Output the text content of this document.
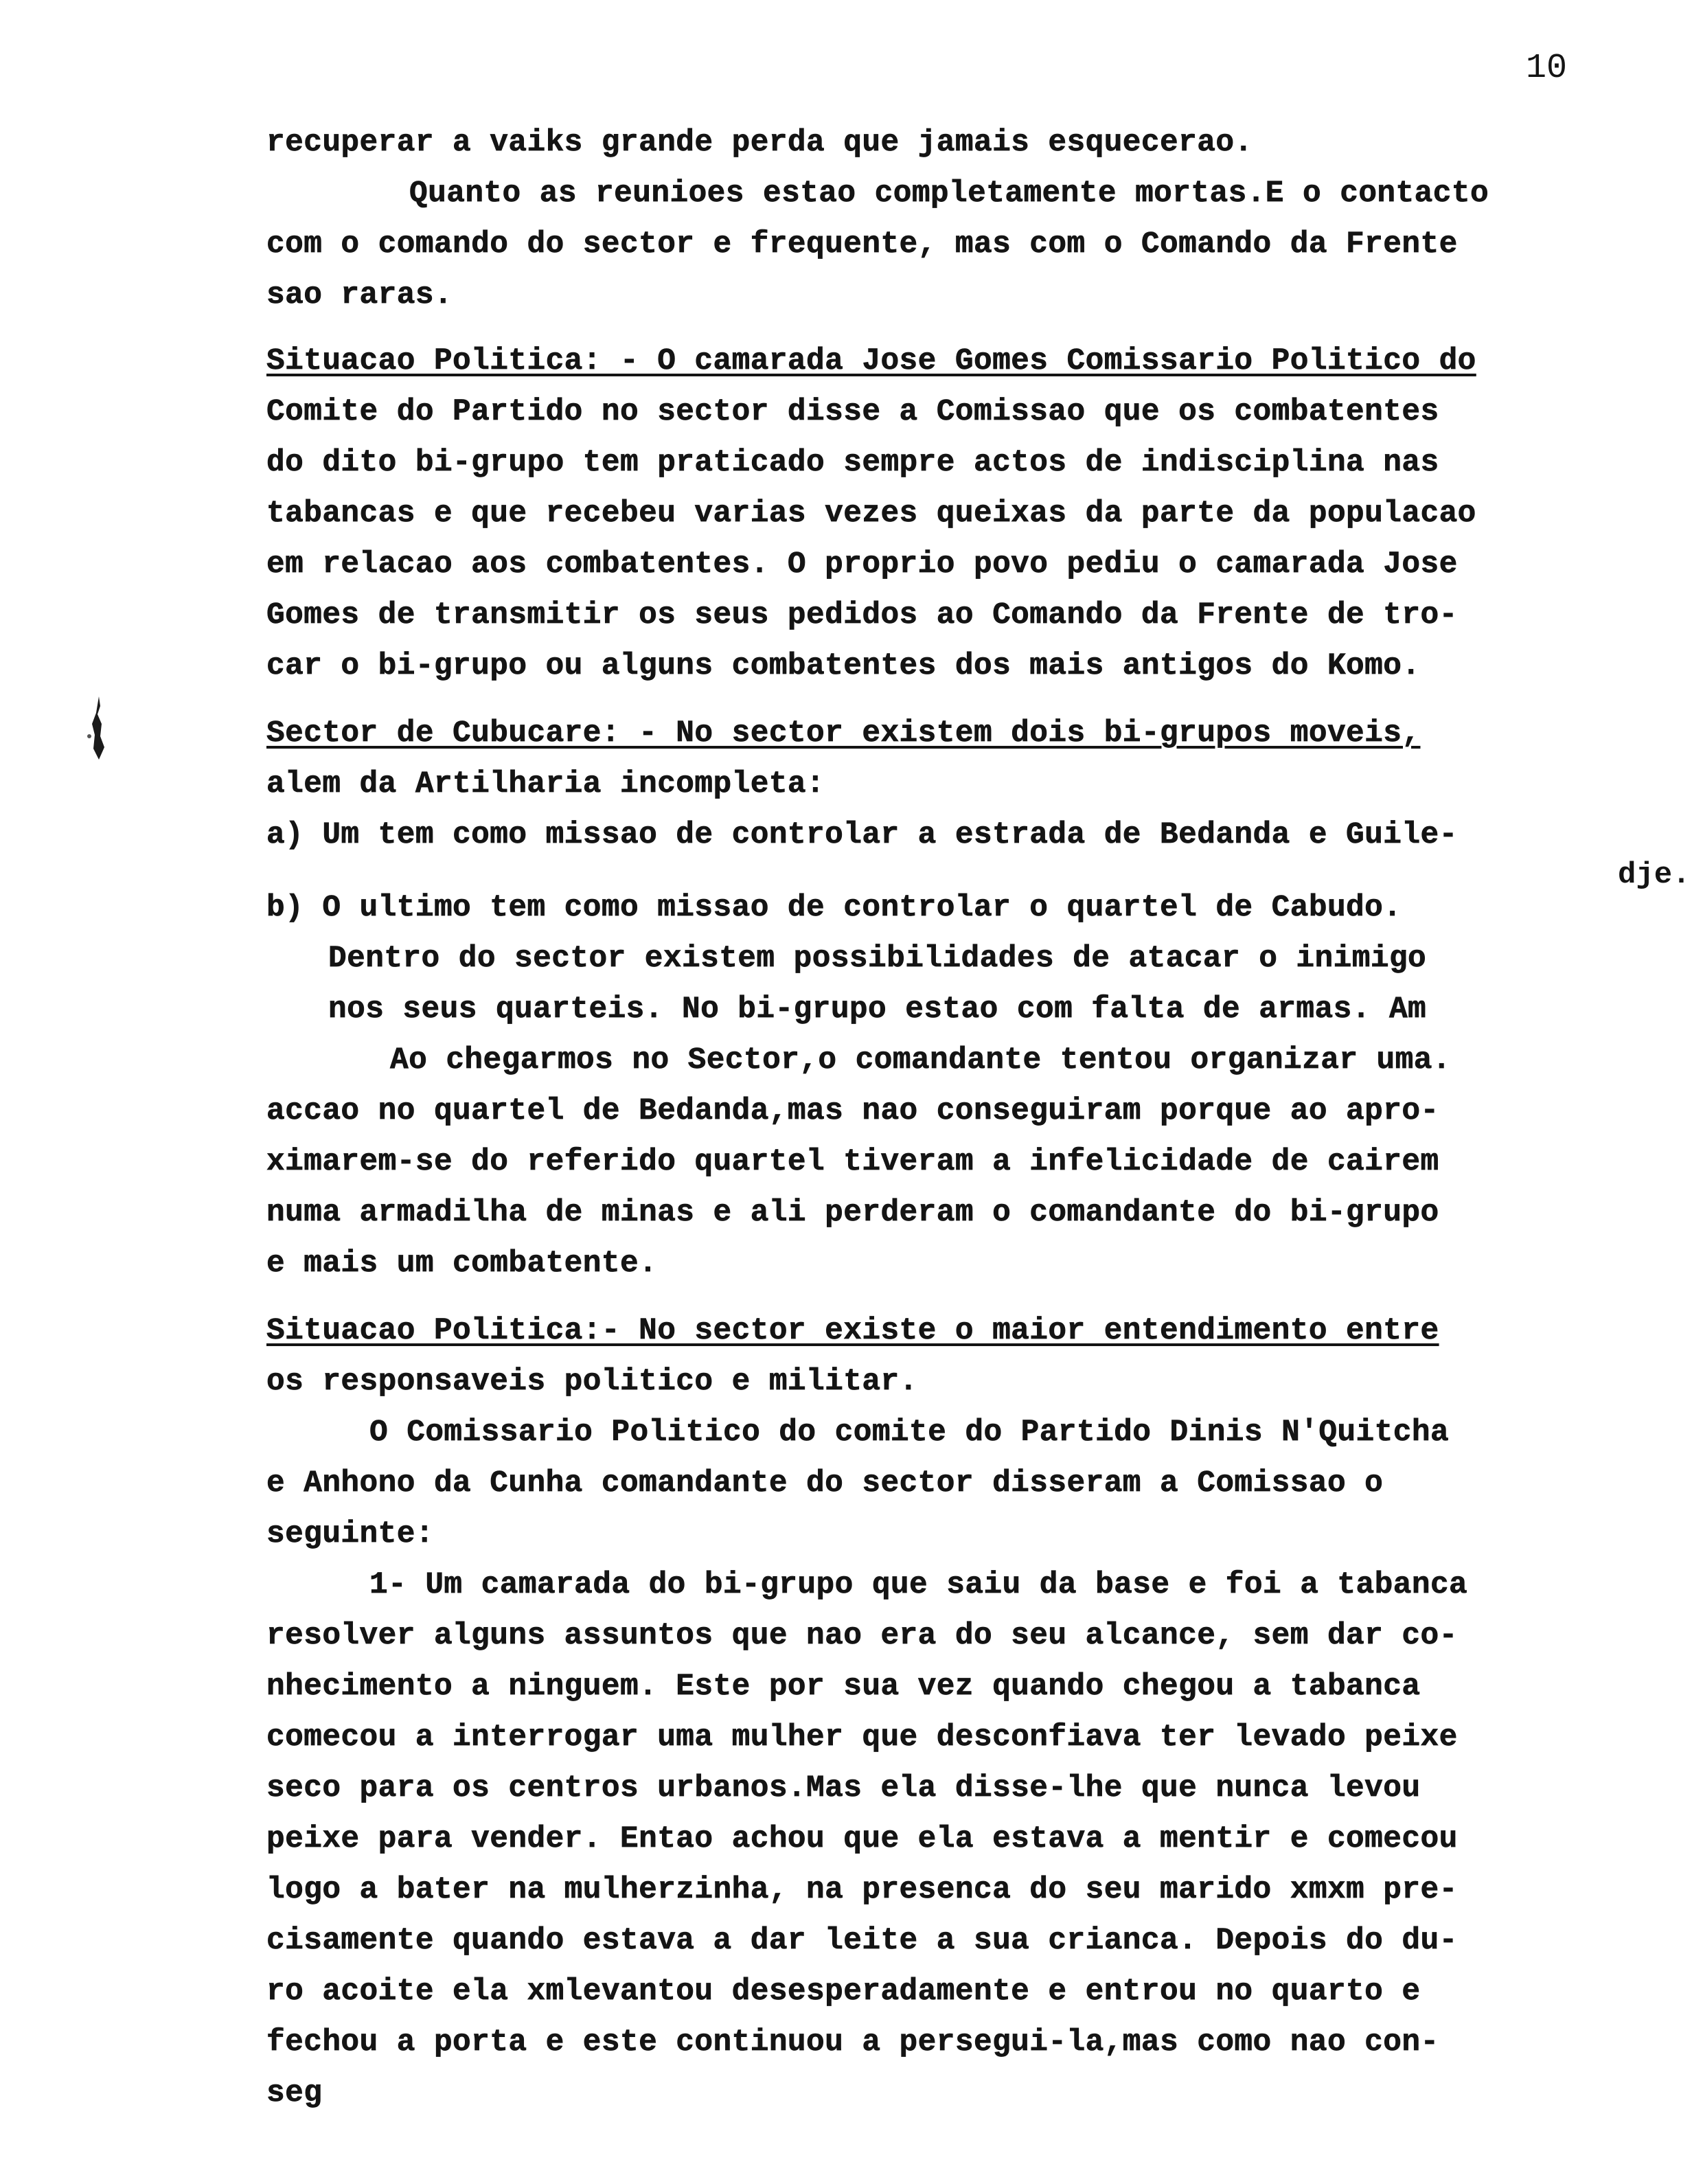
10

recuperar a vaiks grande perda que jamais esquecerao.

Quanto as reunioes estao completamente mortas.E o contacto

com o comando do sector e frequente, mas com o Comando da Frente

sao raras.

Situacao Politica: - O camarada Jose Gomes Comissario Politico do

Comite do Partido no sector disse a Comissao que os combatentes

do dito bi-grupo tem praticado sempre actos de indisciplina nas

tabancas e que recebeu varias vezes queixas da parte da populacao

em relacao aos combatentes. O proprio povo pediu o camarada Jose

Gomes de transmitir os seus pedidos ao Comando da Frente de tro-

car o bi-grupo ou alguns combatentes dos mais antigos do Komo.

Sector de Cubucare: - No sector existem dois bi-grupos moveis,

alem da Artilharia incompleta:

a) Um tem como missao de controlar a estrada de Bedanda e Guile-

dje.

b) O ultimo tem como missao de controlar o quartel de Cabudo.

Dentro do sector existem possibilidades de atacar o inimigo

nos seus quarteis. No bi-grupo estao com falta de armas. Am

Ao chegarmos no Sector,o comandante tentou organizar uma.

accao no quartel de Bedanda,mas nao conseguiram porque ao apro-

ximarem-se do referido quartel tiveram a infelicidade de cairem

numa armadilha de minas e ali perderam o comandante do bi-grupo

e mais um combatente.

Situacao Politica:- No sector existe o maior entendimento entre

os responsaveis politico e militar.

O Comissario Politico do comite do Partido Dinis N'Quitcha

e Anhono da Cunha comandante do sector disseram a Comissao o

seguinte:

1- Um camarada do bi-grupo que saiu da base e foi a tabanca

resolver alguns assuntos que nao era do seu alcance, sem dar co-

nhecimento a ninguem. Este por sua vez quando chegou a tabanca

comecou a interrogar uma mulher que desconfiava ter levado peixe

seco para os centros urbanos.Mas ela disse-lhe que nunca levou

peixe para vender. Entao achou que ela estava a mentir e comecou

logo a bater na mulherzinha, na presenca do seu marido xmxm pre-

cisamente quando estava a dar leite a sua crianca. Depois do du-

ro acoite ela xmlevantou desesperadamente e entrou no quarto e

fechou a porta e este continuou a persegui-la,mas como nao con-

seg
